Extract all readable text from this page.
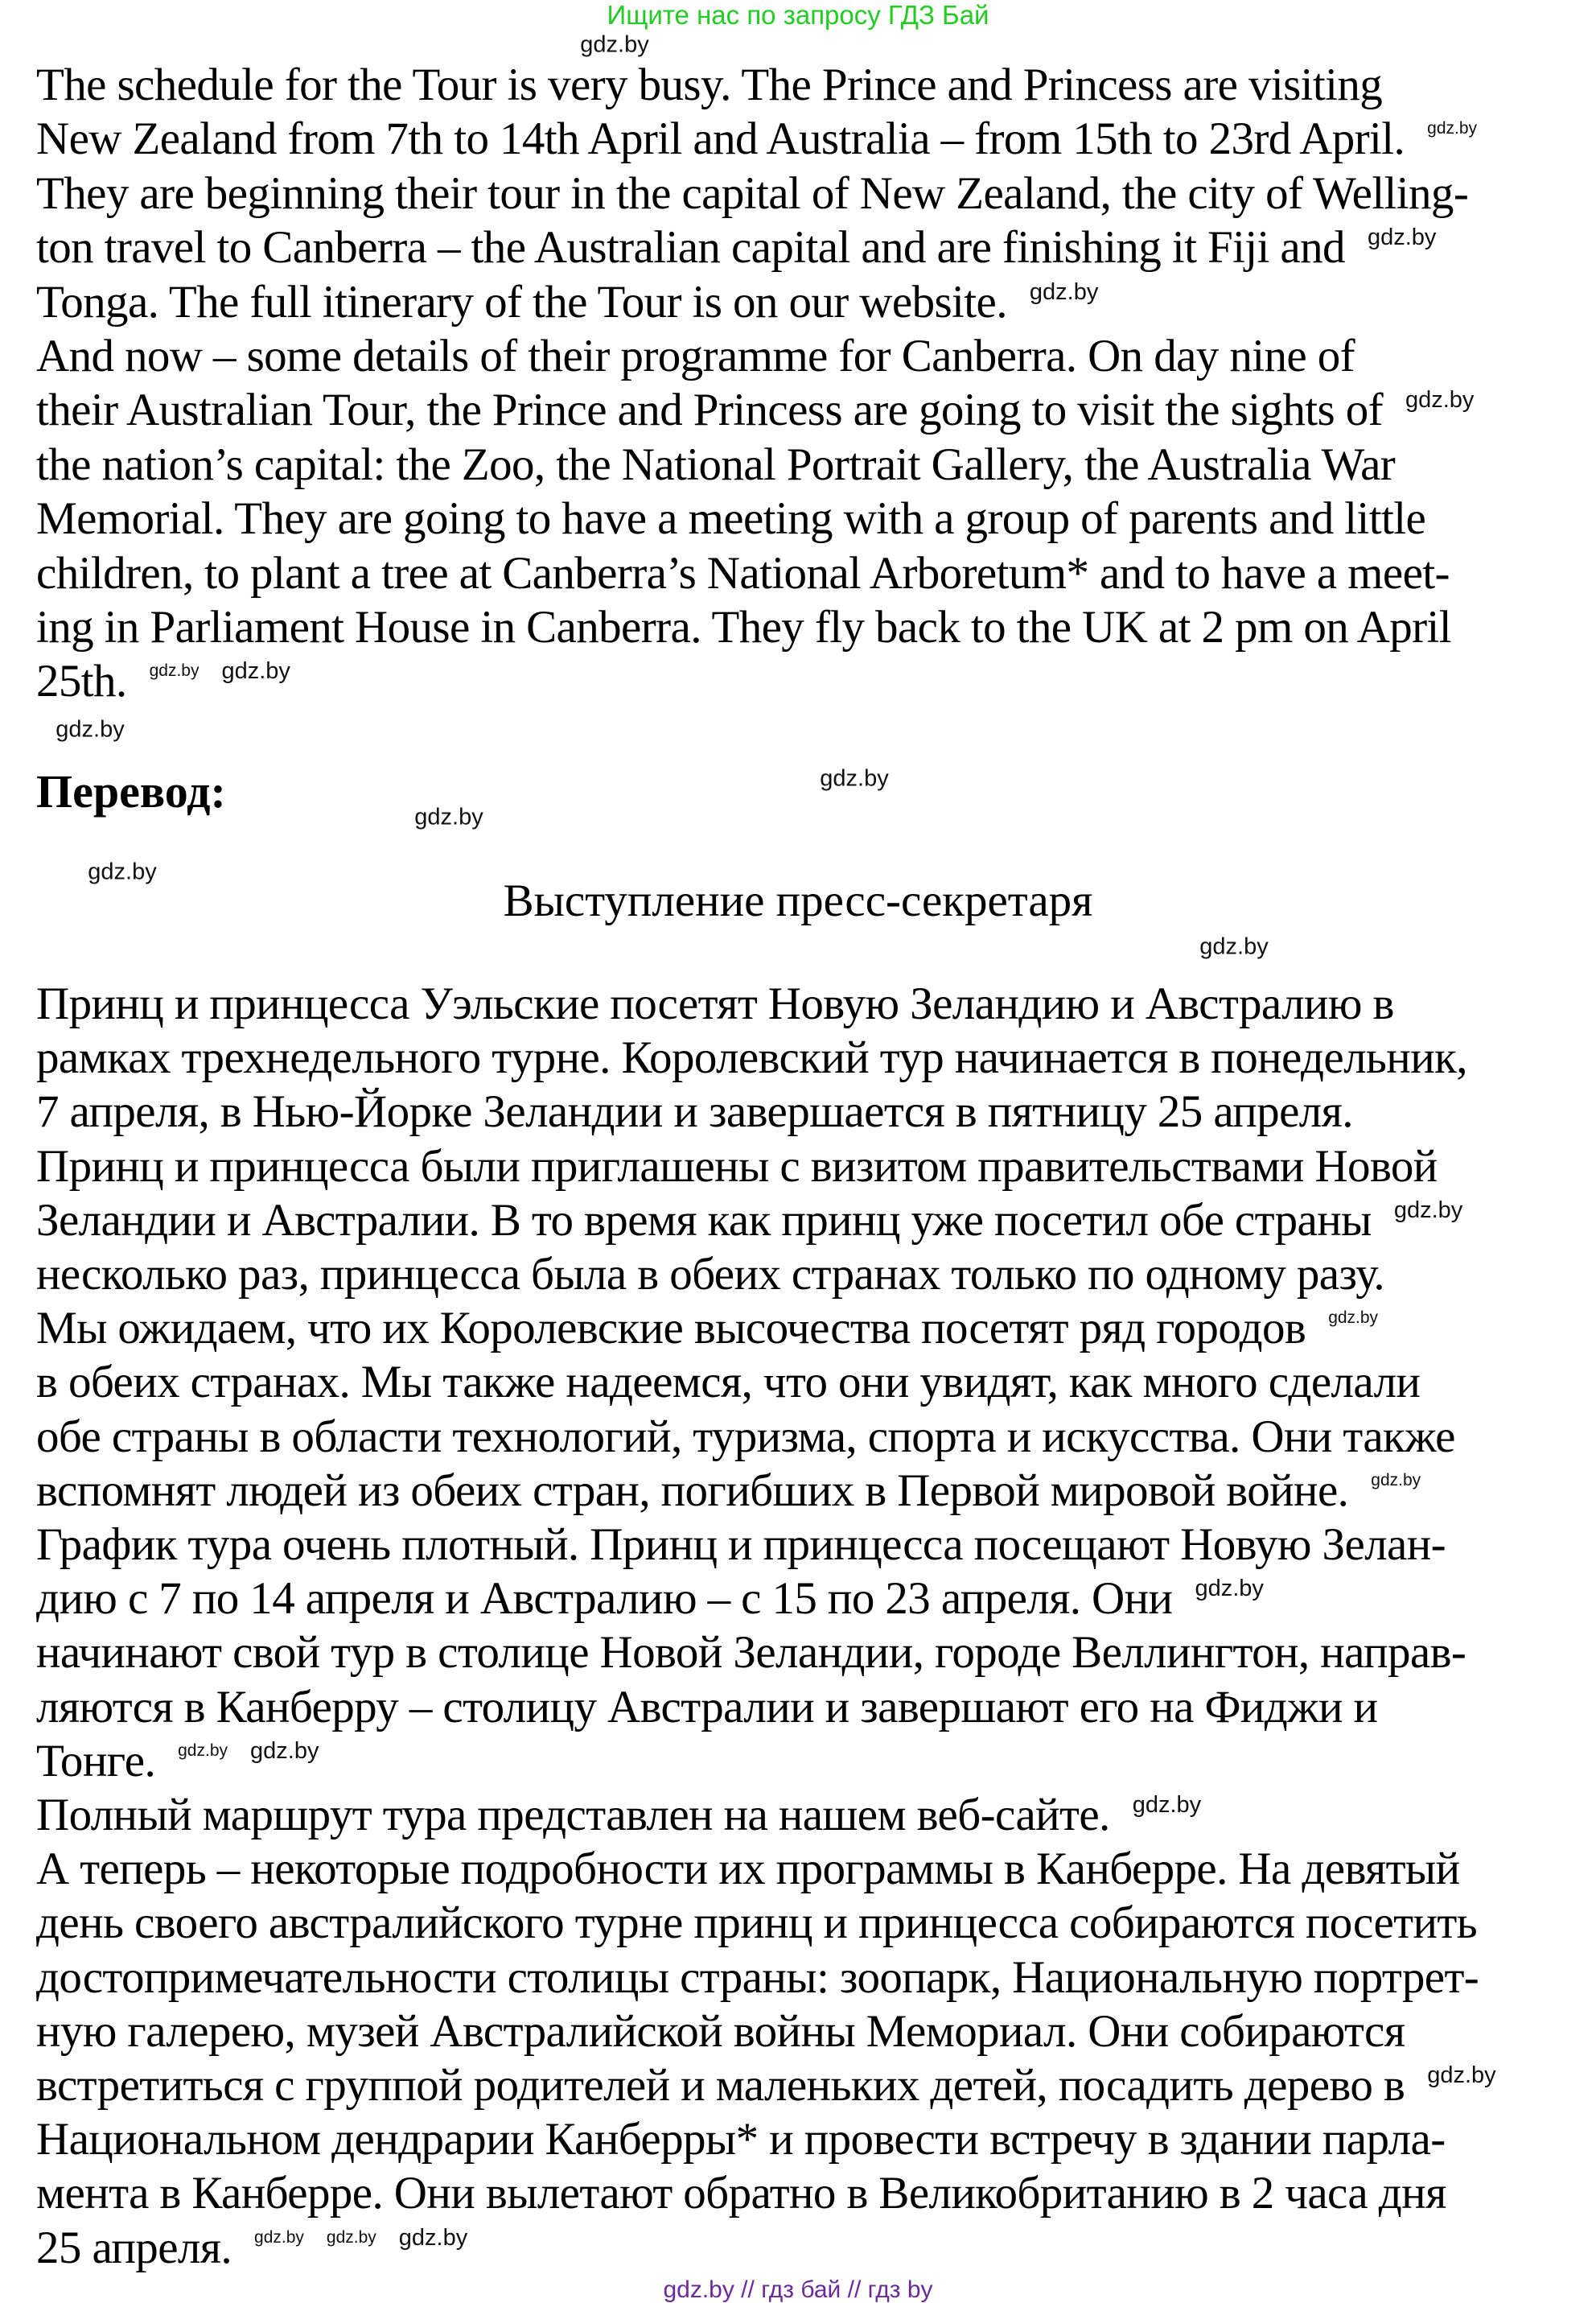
Ищите нас по запросу ГДЗ Бай
The schedule for the Tour is very busy. The Prince and Princess are visiting
New Zealand from 7th to 14th April and Australia – from 15th to 23rd April. $^{gdz.by}$
They are beginning their tour in the capital of New Zealand, the city of Welling-
ton travel to Canberra – the Australian capital and are finishing it Fiji and $^{gdz.by}$
Tonga. The full itinerary of the Tour is on our website. $^{gdz.by}$
And now – some details of their programme for Canberra. On day nine of
their Australian Tour, the Prince and Princess are going to visit the sights of $^{gdz.by}$
the nation’s capital: the Zoo, the National Portrait Gallery, the Australia War
Memorial. They are going to have a meeting with a group of parents and little
children, to plant a tree at Canberra’s National Arboretum* and to have a meet-
ing in Parliament House in Canberra. They fly back to the UK at 2 pm on April
25th. $^{gdz.by}$ $^{gdz.by}$
Перевод:
Выступление пресс-секретаря
Принц и принцесса Уэльские посетят Новую Зеландию и Австралию в
рамках трехнедельного турне. Королевский тур начинается в понедельник,
7 апреля, в Нью-Йорке Зеландии и завершается в пятницу 25 апреля.
Принц и принцесса были приглашены с визитом правительствами Новой
Зеландии и Австралии. В то время как принц уже посетил обе страны $^{gdz.by}$
несколько раз, принцесса была в обеих странах только по одному разу.
Мы ожидаем, что их Королевские высочества посетят ряд городов $^{gdz.by}$
в обеих странах. Мы также надеемся, что они увидят, как много сделали
обе страны в области технологий, туризма, спорта и искусства. Они также
вспомнят людей из обеих стран, погибших в Первой мировой войне. $^{gdz.by}$
График тура очень плотный. Принц и принцесса посещают Новую Зелан-
дию с 7 по 14 апреля и Австралию – с 15 по 23 апреля. Они $^{gdz.by}$
начинают свой тур в столице Новой Зеландии, городе Веллингтон, направ-
ляются в Канберру – столицу Австралии и завершают его на Фиджи и
Тонге. $^{gdz.by}$ $^{gdz.by}$
Полный маршрут тура представлен на нашем веб-сайте. $^{gdz.by}$
А теперь – некоторые подробности их программы в Канберре. На девятый
день своего австралийского турне принц и принцесса собираются посетить
достопримечательности столицы страны: зоопарк, Национальную портрет-
ную галерею, музей Австралийской войны Мемориал. Они собираются
встретиться с группой родителей и маленьких детей, посадить дерево в $^{gdz.by}$
Национальном дендрарии Канберры* и провести встречу в здании парла-
мента в Канберре. Они вылетают обратно в Великобританию в 2 часа дня
25 апреля. $^{gdz.by}$ $^{gdz.by}$ $^{gdz.by}$
gdz.by
gdz.by
gdz.by
gdz.by
gdz.by
gdz.by
gdz.by // гдз бай // гдз by
